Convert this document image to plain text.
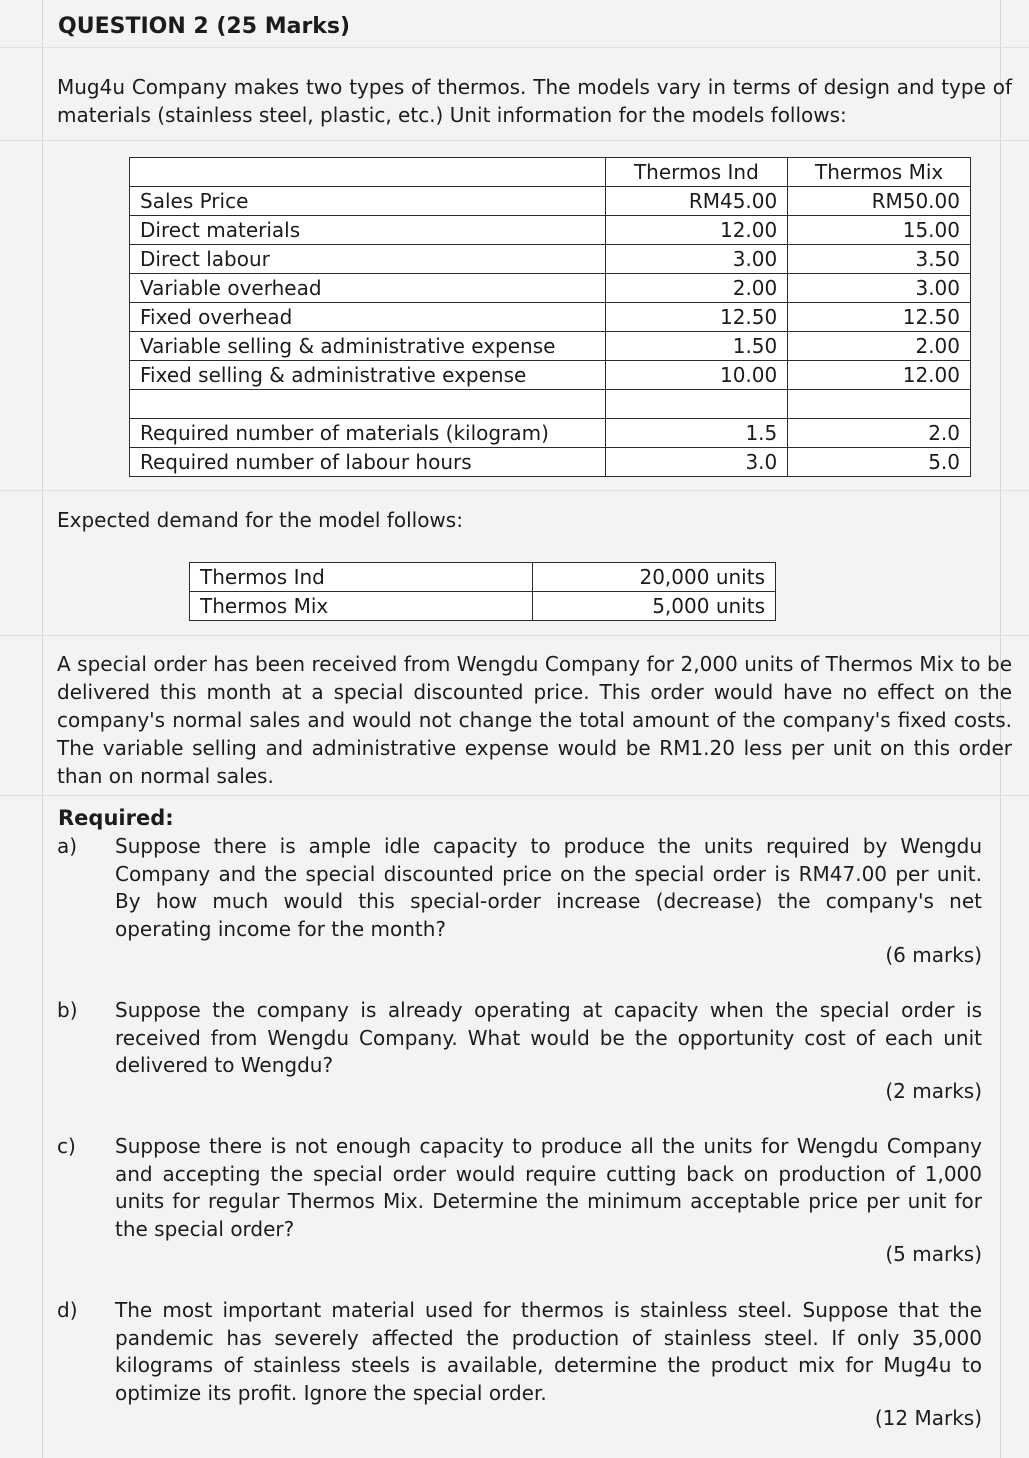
QUESTION 2 (25 Marks)
Mug4u Company makes two types of thermos. The models vary in terms of design and type of materials (stainless steel, plastic, etc.) Unit information for the models follows:
	Thermos Ind	Thermos Mix
Sales Price	RM45.00	RM50.00
Direct materials	12.00	15.00
Direct labour	3.00	3.50
Variable overhead	2.00	3.00
Fixed overhead	12.50	12.50
Variable selling & administrative expense	1.50	2.00
Fixed selling & administrative expense	10.00	12.00

Required number of materials (kilogram)	1.5	2.0
Required number of labour hours	3.0	5.0
Expected demand for the model follows:
Thermos Ind	20,000 units
Thermos Mix	5,000 units
A special order has been received from Wengdu Company for 2,000 units of Thermos Mix to be delivered this month at a special discounted price. This order would have no effect on the company's normal sales and would not change the total amount of the company's fixed costs. The variable selling and administrative expense would be RM1.20 less per unit on this order than on normal sales.
Required:
a)	Suppose there is ample idle capacity to produce the units required by Wengdu Company and the special discounted price on the special order is RM47.00 per unit. By how much would this special-order increase (decrease) the company's net operating income for the month?
(6 marks)
b)	Suppose the company is already operating at capacity when the special order is received from Wengdu Company. What would be the opportunity cost of each unit delivered to Wengdu?
(2 marks)
c)	Suppose there is not enough capacity to produce all the units for Wengdu Company and accepting the special order would require cutting back on production of 1,000 units for regular Thermos Mix. Determine the minimum acceptable price per unit for the special order?
(5 marks)
d)	The most important material used for thermos is stainless steel. Suppose that the pandemic has severely affected the production of stainless steel. If only 35,000 kilograms of stainless steels is available, determine the product mix for Mug4u to optimize its profit. Ignore the special order.
(12 Marks)
